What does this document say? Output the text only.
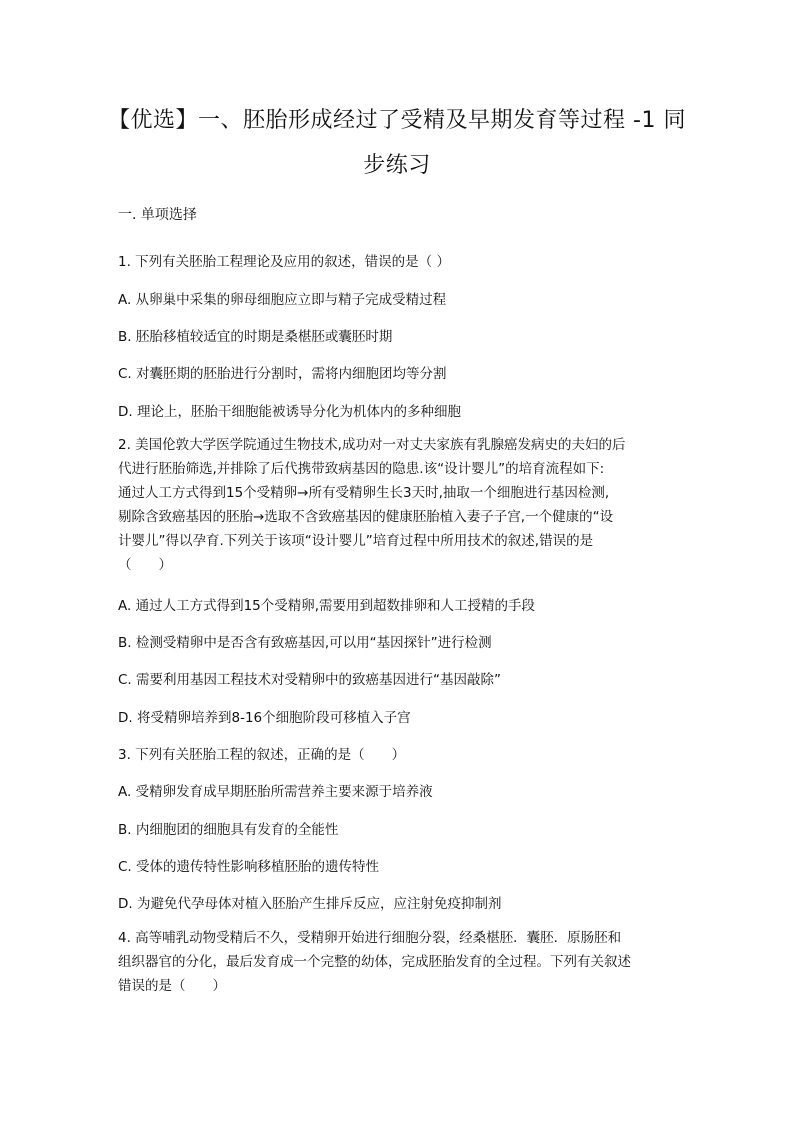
【优选】一、胚胎形成经过了受精及早期发育等过程 -1 同
步练习
一. 单项选择
1. 下列有关胚胎工程理论及应用的叙述，错误的是（ ）
A. 从卵巢中采集的卵母细胞应立即与精子完成受精过程
B. 胚胎移植较适宜的时期是桑椹胚或囊胚时期
C. 对囊胚期的胚胎进行分割时，需将内细胞团均等分割
D. 理论上，胚胎干细胞能被诱导分化为机体内的多种细胞
2. 美国伦敦大学医学院通过生物技术,成功对一对丈夫家族有乳腺癌发病史的夫妇的后
代进行胚胎筛选,并排除了后代携带致病基因的隐患.该“设计婴儿”的培育流程如下:
通过人工方式得到15个受精卵→所有受精卵生长3天时,抽取一个细胞进行基因检测,
剔除含致癌基因的胚胎→选取不含致癌基因的健康胚胎植入妻子子宫,一个健康的“设
计婴儿”得以孕育.下列关于该项“设计婴儿”培育过程中所用技术的叙述,错误的是
（　　）
A. 通过人工方式得到15个受精卵,需要用到超数排卵和人工授精的手段
B. 检测受精卵中是否含有致癌基因,可以用“基因探针”进行检测
C. 需要利用基因工程技术对受精卵中的致癌基因进行“基因敲除”
D. 将受精卵培养到8-16个细胞阶段可移植入子宫
3. 下列有关胚胎工程的叙述，正确的是（　　）
A. 受精卵发育成早期胚胎所需营养主要来源于培养液
B. 内细胞团的细胞具有发育的全能性
C. 受体的遗传特性影响移植胚胎的遗传特性
D. 为避免代孕母体对植入胚胎产生排斥反应，应注射免疫抑制剂
4. 高等哺乳动物受精后不久，受精卵开始进行细胞分裂，经桑椹胚．囊胚．原肠胚和
组织器官的分化，最后发育成一个完整的幼体，完成胚胎发育的全过程。下列有关叙述
错误的是（　　）
